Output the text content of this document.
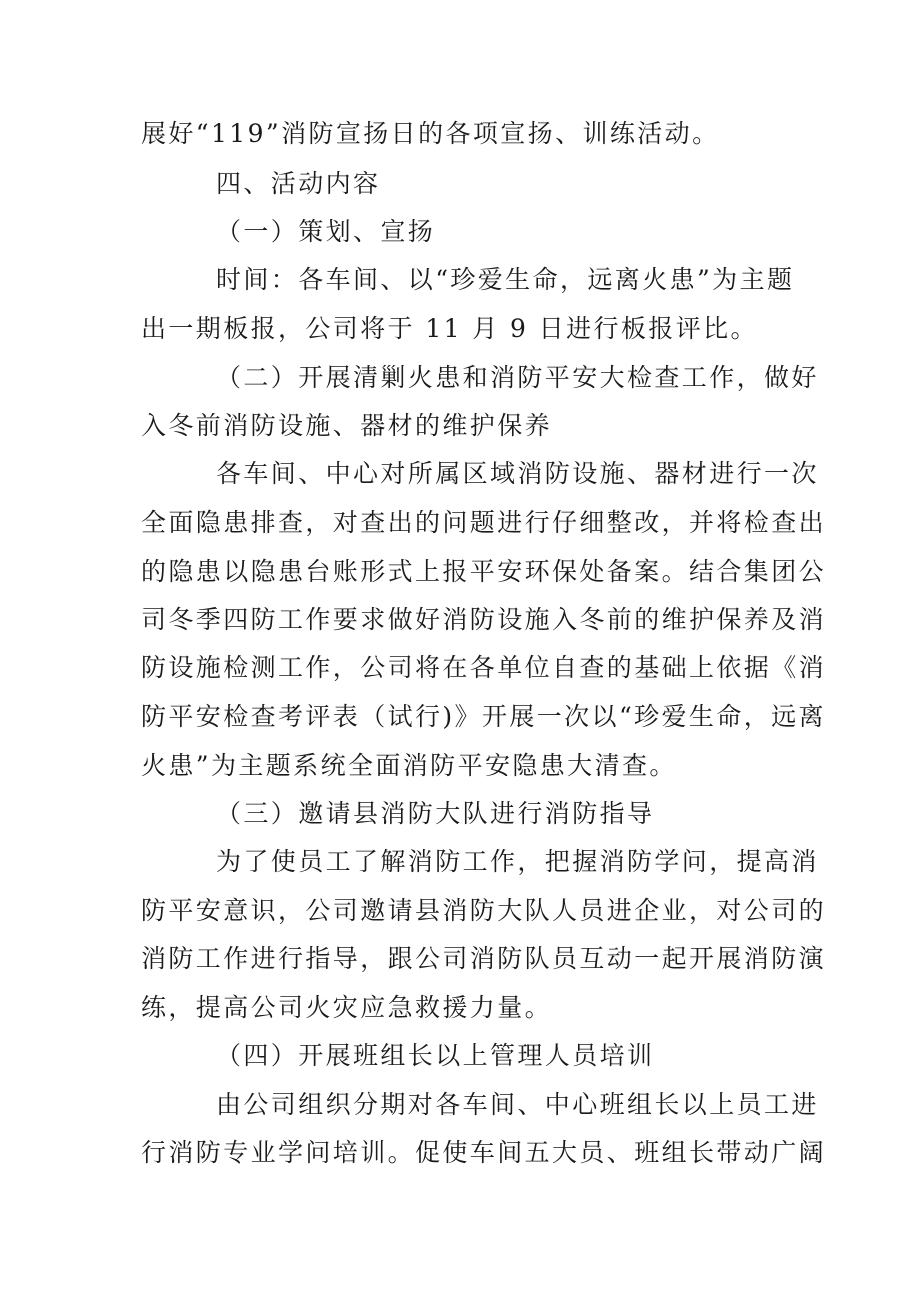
展好“119”消防宣扬日的各项宣扬、训练活动。
四、活动内容
（一）策划、宣扬
时间：各车间、以“珍爱生命，远离火患”为主题
出一期板报，公司将于 11 月 9 日进行板报评比。
（二）开展清剿火患和消防平安大检查工作，做好
入冬前消防设施、器材的维护保养
各车间、中心对所属区域消防设施、器材进行一次
全面隐患排查，对查出的问题进行仔细整改，并将检查出
的隐患以隐患台账形式上报平安环保处备案。结合集团公
司冬季四防工作要求做好消防设施入冬前的维护保养及消
防设施检测工作，公司将在各单位自查的基础上依据《消
防平安检查考评表（试行)》开展一次以“珍爱生命，远离
火患”为主题系统全面消防平安隐患大清查。
（三）邀请县消防大队进行消防指导
为了使员工了解消防工作，把握消防学问，提高消
防平安意识，公司邀请县消防大队人员进企业，对公司的
消防工作进行指导，跟公司消防队员互动一起开展消防演
练，提高公司火灾应急救援力量。
（四）开展班组长以上管理人员培训
由公司组织分期对各车间、中心班组长以上员工进
行消防专业学问培训。促使车间五大员、班组长带动广阔
